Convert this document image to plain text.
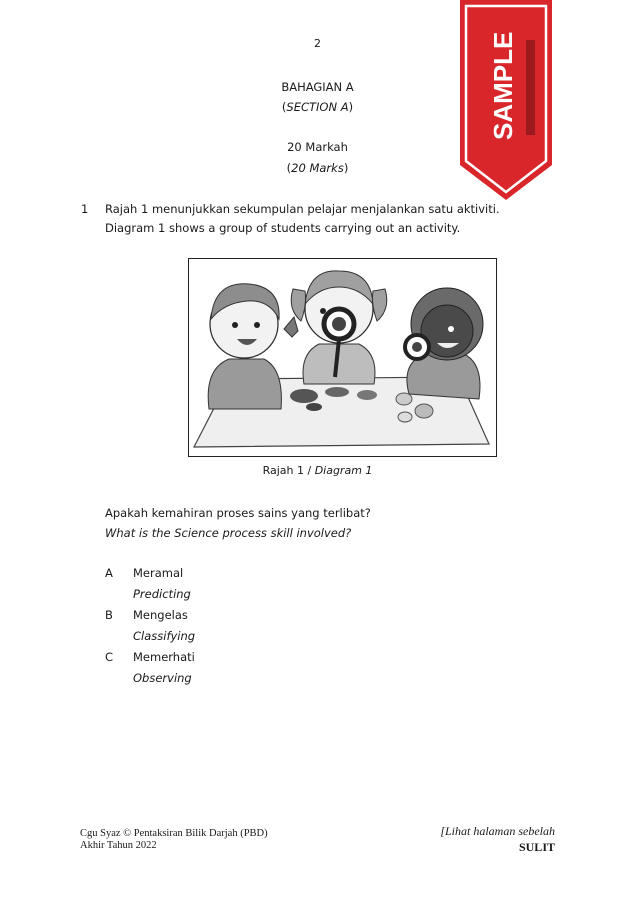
2
BAHAGIAN A
(SECTION A)
20 Markah
(20 Marks)
1 Rajah 1 menunjukkan sekumpulan pelajar menjalankan satu aktiviti.
Diagram 1 shows a group of students carrying out an activity.
Rajah 1 / Diagram 1
Apakah kemahiran proses sains yang terlibat?
What is the Science process skill involved?
A Meramal
Predicting
B Mengelas
Classifying
C Memerhati
Observing
Cgu Syaz © Pentaksiran Bilik Darjah (PBD)
Akhir Tahun 2022
[Lihat halaman sebelah
SULIT
SAMPLE
